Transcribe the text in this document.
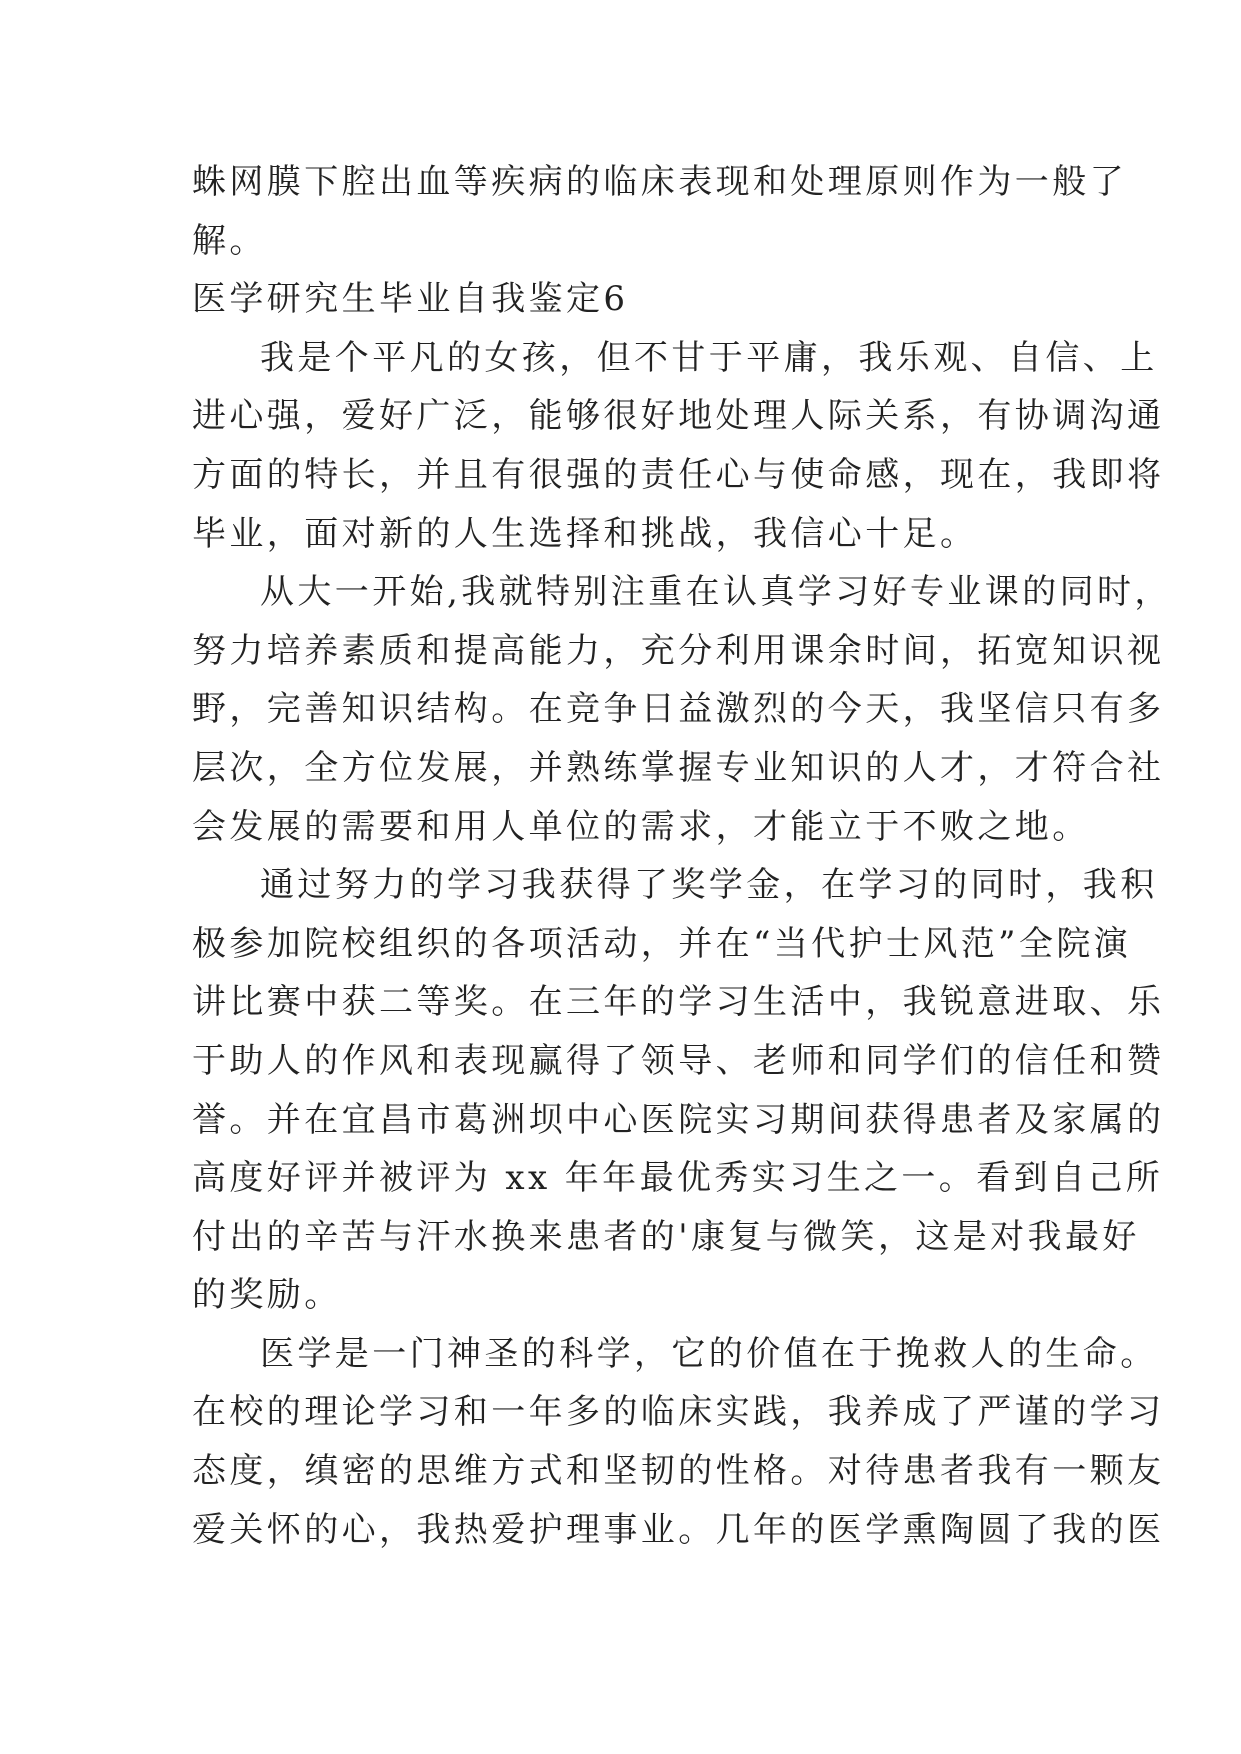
蛛网膜下腔出血等疾病的临床表现和处理原则作为一般了
解。
医学研究生毕业自我鉴定6
我是个平凡的女孩，但不甘于平庸，我乐观、自信、上
进心强，爱好广泛，能够很好地处理人际关系，有协调沟通
方面的特长，并且有很强的责任心与使命感，现在，我即将
毕业，面对新的人生选择和挑战，我信心十足。
从大一开始,我就特别注重在认真学习好专业课的同时，
努力培养素质和提高能力，充分利用课余时间，拓宽知识视
野，完善知识结构。在竞争日益激烈的今天，我坚信只有多
层次，全方位发展，并熟练掌握专业知识的人才，才符合社
会发展的需要和用人单位的需求，才能立于不败之地。
通过努力的学习我获得了奖学金，在学习的同时，我积
极参加院校组织的各项活动，并在“当代护士风范”全院演
讲比赛中获二等奖。在三年的学习生活中，我锐意进取、乐
于助人的作风和表现赢得了领导、老师和同学们的信任和赞
誉。并在宜昌市葛洲坝中心医院实习期间获得患者及家属的
高度好评并被评为 xx 年年最优秀实习生之一。看到自己所
付出的辛苦与汗水换来患者的'康复与微笑，这是对我最好
的奖励。
医学是一门神圣的科学，它的价值在于挽救人的生命。
在校的理论学习和一年多的临床实践，我养成了严谨的学习
态度，缜密的思维方式和坚韧的性格。对待患者我有一颗友
爱关怀的心，我热爱护理事业。几年的医学熏陶圆了我的医
